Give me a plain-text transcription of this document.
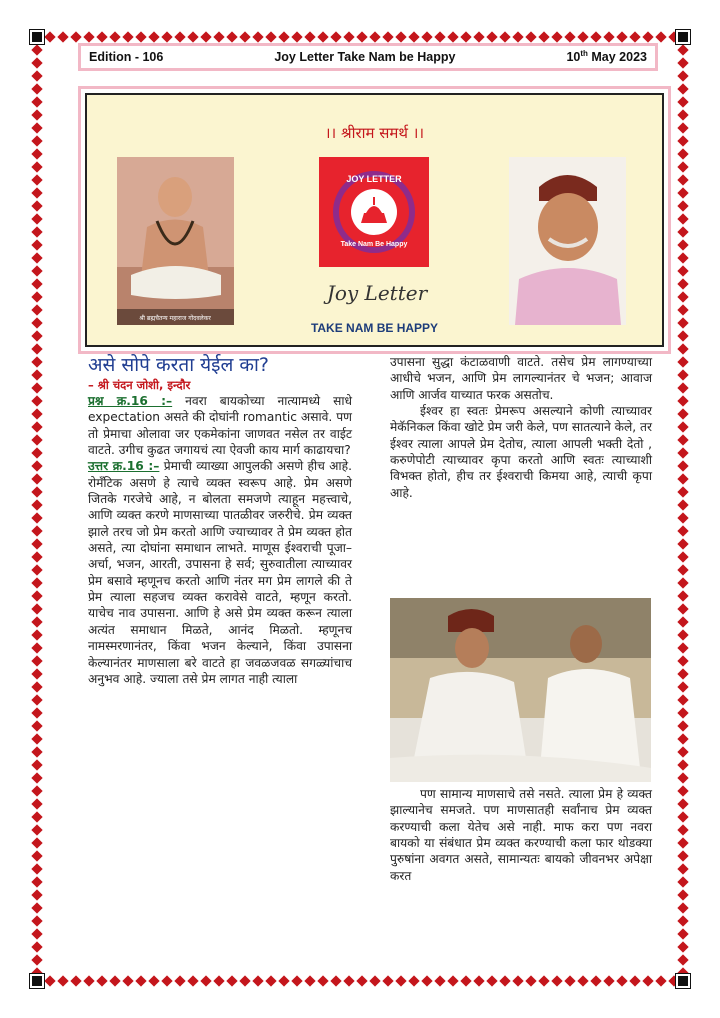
Edition - 106	Joy Letter Take Nam be Happy	10th May 2023
।। श्रीराम समर्थ ।।
श्री ब्रह्मचैतन्य महाराज गोंदवलेकर
JOY LETTER
Take Nam Be Happy
Joy Letter
TAKE NAM BE HAPPY
असे सोपे करता येईल का?
– श्री चंदन जोशी, इन्दौर

प्रश्न क्र.16 :– नवरा बायकोच्या नात्यामध्ये साधे expectation असते की दोघांनी romantic असावे. पण तो प्रेमाचा ओलावा जर एकमेकांना जाणवत नसेल तर वाईट वाटते. उगीच कुढत जगायचं त्या ऐवजी काय मार्ग काढायचा?

उत्तर क्र.16 :– प्रेमाची व्याख्या आपुलकी असणे हीच आहे. रोमँटिक असणे हे त्याचे व्यक्त स्वरूप आहे. प्रेम असणे जितके गरजेचे आहे, न बोलता समजणे त्याहून महत्त्वाचे, आणि व्यक्त करणे माणसाच्या पातळीवर जरुरीचे. प्रेम व्यक्त झाले तरच जो प्रेम करतो आणि ज्याच्यावर ते प्रेम व्यक्त होत असते, त्या दोघांना समाधान लाभते. माणूस ईश्वराची पूजा–अर्चा, भजन, आरती, उपासना हे सर्व; सुरुवातीला त्याच्यावर प्रेम बसावे म्हणूनच करतो आणि नंतर मग प्रेम लागले की ते प्रेम त्याला सहजच व्यक्त करावेसे वाटते, म्हणून करतो. याचेच नाव उपासना. आणि हे असे प्रेम व्यक्त करून त्याला अत्यंत समाधान मिळते, आनंद मिळतो. म्हणूनच नामस्मरणानंतर, किंवा भजन केल्याने, किंवा उपासना केल्यानंतर माणसाला बरे वाटते हा जवळजवळ सगळ्यांचाच अनुभव आहे. ज्याला तसे प्रेम लागत नाही त्याला

उपासना सुद्धा कंटाळवाणी वाटते. तसेच प्रेम लागण्याच्या आधीचे भजन, आणि प्रेम लागल्यानंतर चे भजन; आवाज आणि आर्जव याच्यात फरक असतोच.

ईश्वर हा स्वतः प्रेमरूप असल्याने कोणी त्याच्यावर मेकॅनिकल किंवा खोटे प्रेम जरी केले, पण सातत्याने केले, तर ईश्वर त्याला आपले प्रेम देतोच, त्याला आपली भक्ती देतो , करुणेपोटी त्याच्यावर कृपा करतो आणि स्वतः त्याच्याशी विभक्त होतो, हीच तर ईश्वराची किमया आहे, त्याची कृपा आहे.

पण सामान्य माणसाचे तसे नसते. त्याला प्रेम हे व्यक्त झाल्यानेच समजते. पण माणसातही सर्वांनाच प्रेम व्यक्त करण्याची कला येतेच असे नाही. माफ करा पण नवरा बायको या संबंधात प्रेम व्यक्त करण्याची कला फार थोडक्या पुरुषांना अवगत असते, सामान्यतः बायको जीवनभर अपेक्षा करत
